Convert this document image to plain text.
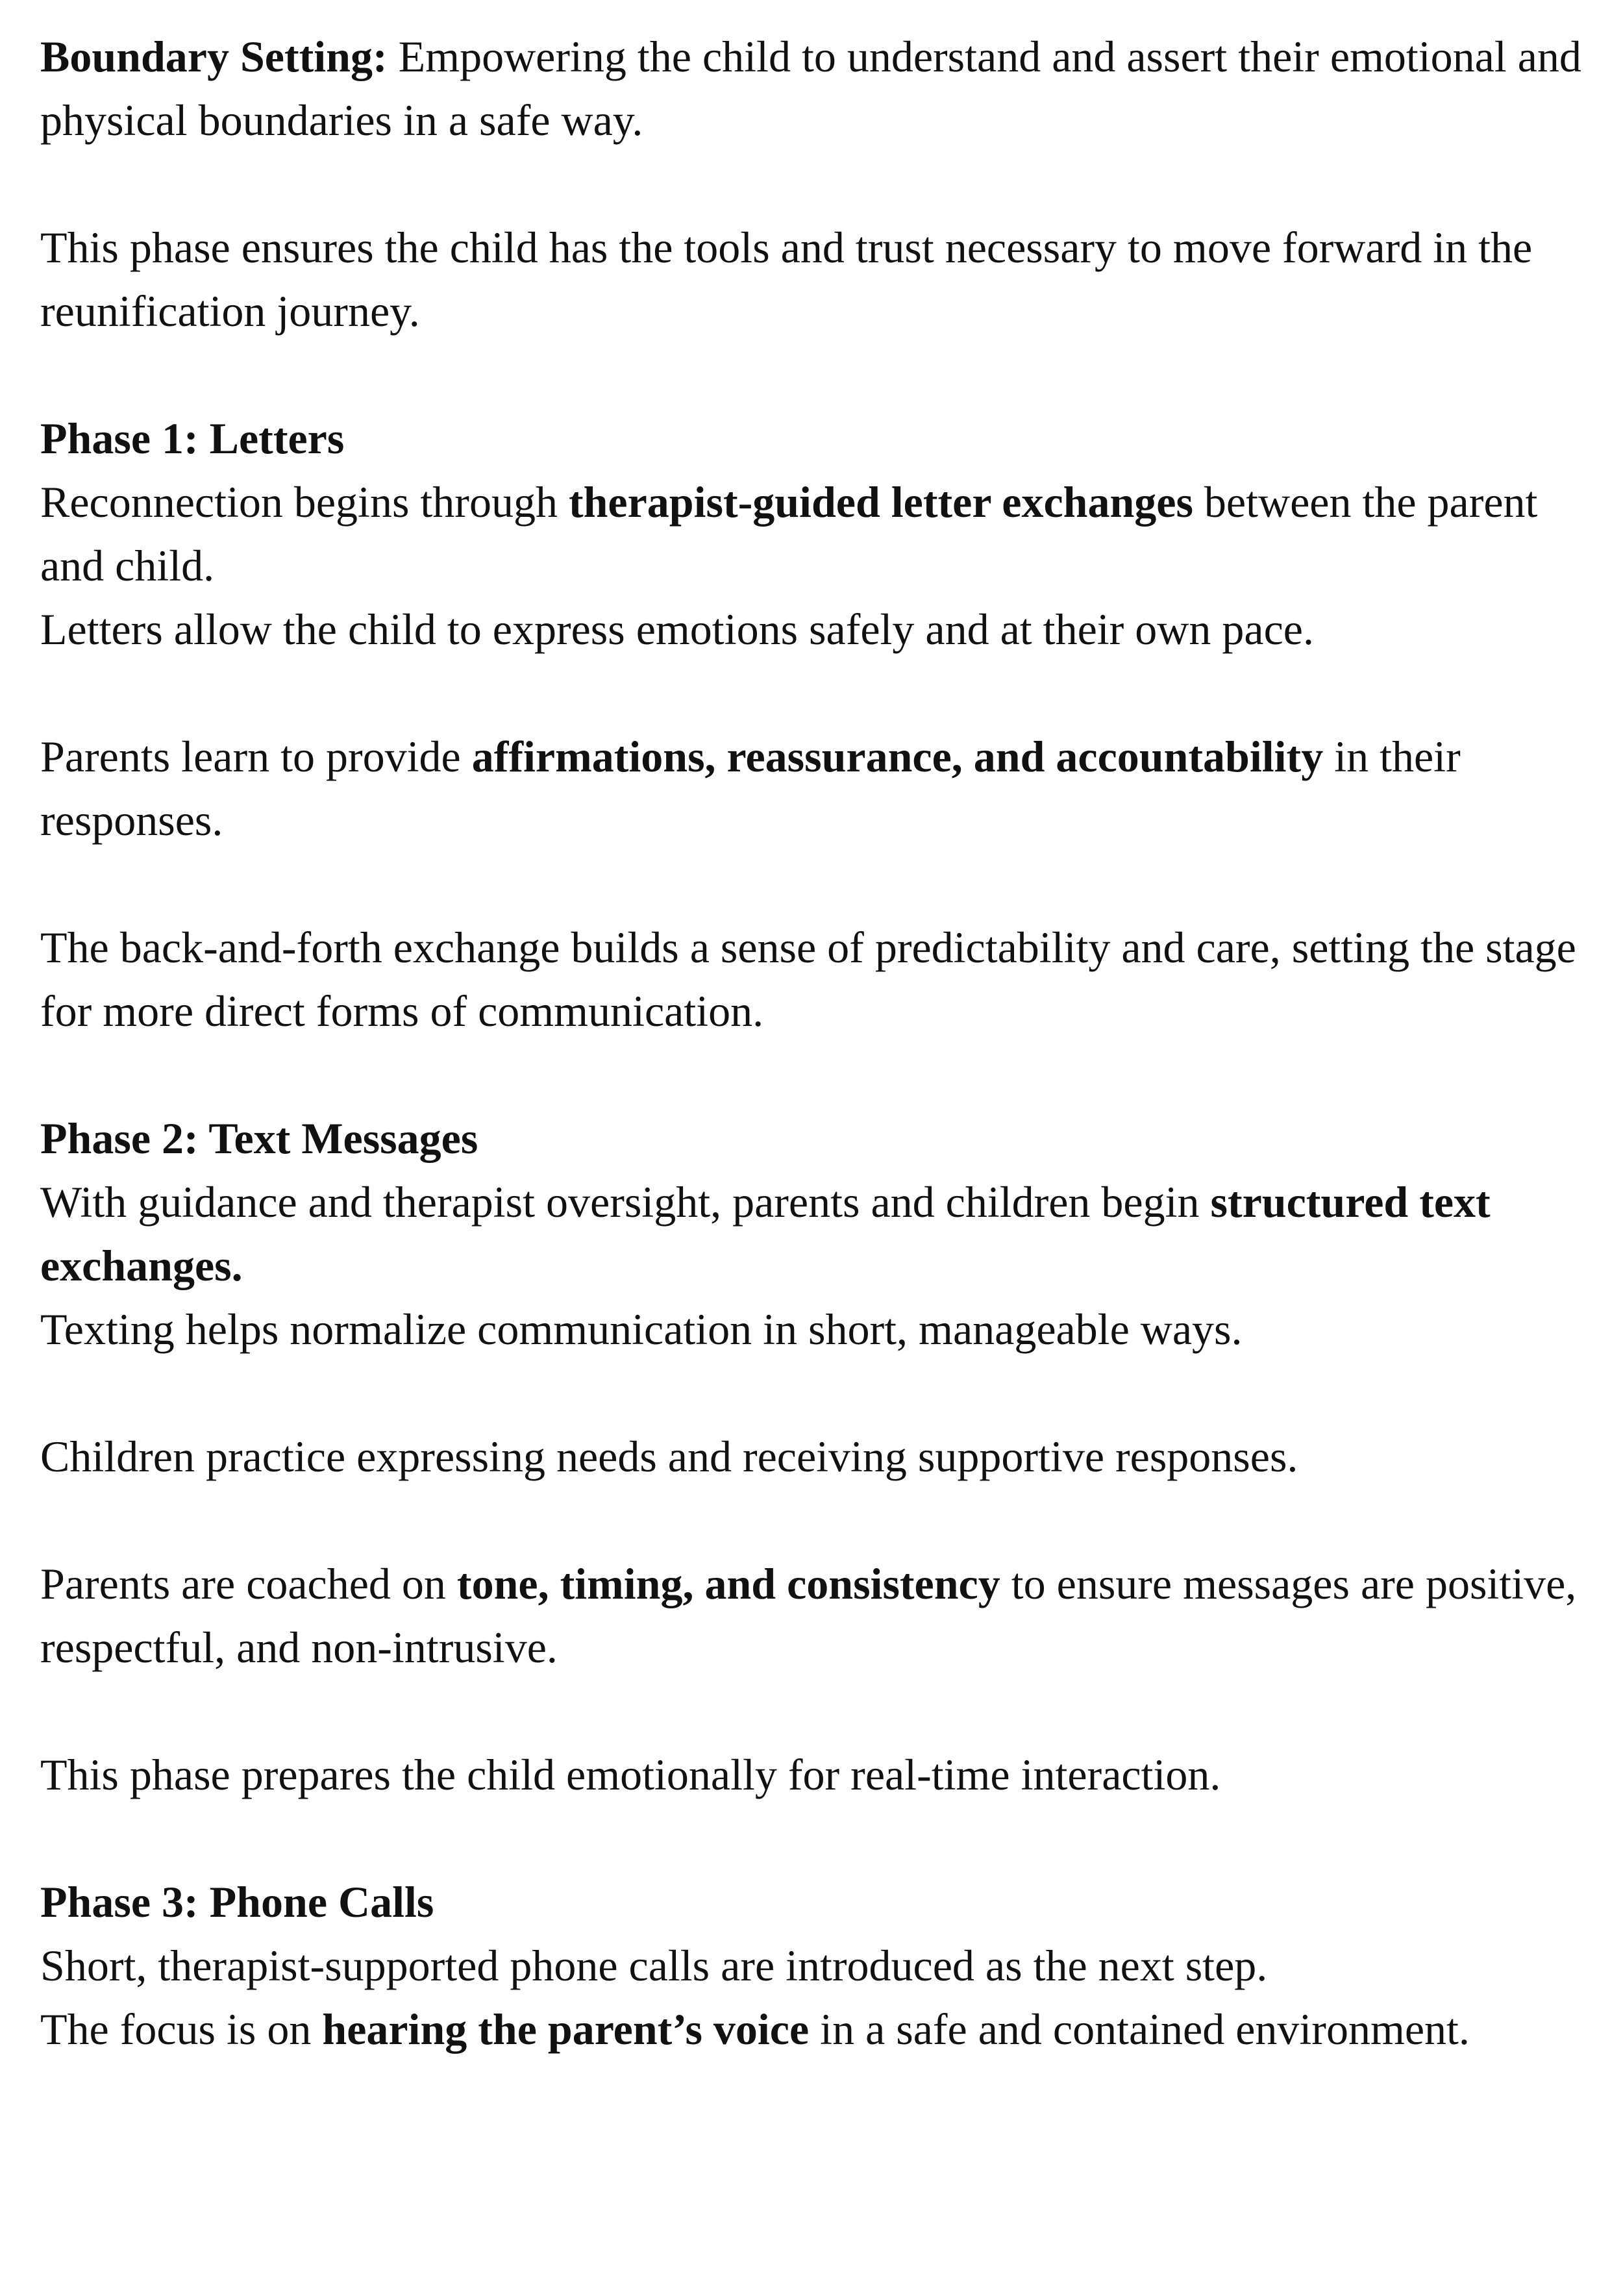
Boundary Setting: Empowering the child to understand and assert their emotional and physical boundaries in a safe way.

This phase ensures the child has the tools and trust necessary to move forward in the reunification journey.

Phase 1: Letters

Reconnection begins through therapist-guided letter exchanges between the parent and child.

Letters allow the child to express emotions safely and at their own pace.

Parents learn to provide affirmations, reassurance, and accountability in their responses.

The back-and-forth exchange builds a sense of predictability and care, setting the stage for more direct forms of communication.

Phase 2: Text Messages

With guidance and therapist oversight, parents and children begin structured text exchanges.

Texting helps normalize communication in short, manageable ways.

Children practice expressing needs and receiving supportive responses.

Parents are coached on tone, timing, and consistency to ensure messages are positive, respectful, and non-intrusive.

This phase prepares the child emotionally for real-time interaction.

Phase 3: Phone Calls

Short, therapist-supported phone calls are introduced as the next step.

The focus is on hearing the parent’s voice in a safe and contained environment.
